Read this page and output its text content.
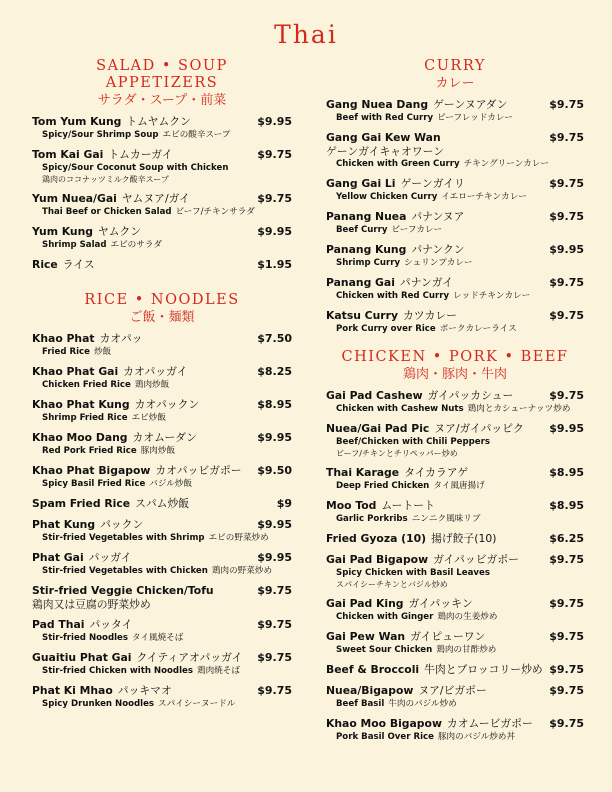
Thai
SALAD • SOUP
APPETIZERS
サラダ・スープ・前菜
Tom Yum Kung トムヤムクン	$9.95
Spicy/Sour Shrimp Soup エビの酸辛スープ
Tom Kai Gai トムカーガイ	$9.75
Spicy/Sour Coconut Soup with Chicken
鶏肉のココナッツミルク酸辛スープ
Yum Nuea/Gai ヤムヌア/ガイ	$9.75
Thai Beef or Chicken Salad ビーフ/チキンサラダ
Yum Kung ヤムクン	$9.95
Shrimp Salad エビのサラダ
Rice ライス	$1.95
RICE • NOODLES
ご飯・麺類
Khao Phat カオパッ	$7.50
Fried Rice 炒飯
Khao Phat Gai カオパッガイ	$8.25
Chicken Fried Rice 鶏肉炒飯
Khao Phat Kung カオパックン	$8.95
Shrimp Fried Rice エビ炒飯
Khao Moo Dang カオムーダン	$9.95
Red Pork Fried Rice 豚肉炒飯
Khao Phat Bigapow カオパッビガポー $9.50
Spicy Basil Fried Rice バジル炒飯
Spam Fried Rice スパム炒飯	$9
Phat Kung パックン	$9.95
Stir-fried Vegetables with Shrimp エビの野菜炒め
Phat Gai パッガイ	$9.95
Stir-fried Vegetables with Chicken 鶏肉の野菜炒め
Stir-fried Veggie Chicken/Tofu	$9.75
鶏肉又は豆腐の野菜炒め
Pad Thai パッタイ	$9.75
Stir-fried Noodles タイ風焼そば
Guaitiu Phat Gai クイティアオパッガイ $9.75
Stir-fried Chicken with Noodles 鶏肉焼そば
Phat Ki Mhao パッキマオ	$9.75
Spicy Drunken Noodles スパイシーヌードル
CURRY
カレー
Gang Nuea Dang ゲーンヌアダン	$9.75
Beef with Red Curry ビーフレッドカレー
Gang Gai Kew Wan	$9.75
ゲーンガイキャオワーン
Chicken with Green Curry チキングリーンカレー
Gang Gai Li ゲーンガイリ	$9.75
Yellow Chicken Curry イエローチキンカレー
Panang Nuea パナンヌア	$9.75
Beef Curry ビーフカレー
Panang Kung パナンクン	$9.95
Shrimp Curry シュリンプカレー
Panang Gai パナンガイ	$9.75
Chicken with Red Curry レッドチキンカレー
Katsu Curry カツカレー	$9.75
Pork Curry over Rice ポークカレーライス
CHICKEN • PORK • BEEF
鶏肉・豚肉・牛肉
Gai Pad Cashew ガイパッカシュー	$9.75
Chicken with Cashew Nuts 鶏肉とカシューナッツ炒め
Nuea/Gai Pad Pic ヌア/ガイパッピク $9.95
Beef/Chicken with Chili Peppers
ビーフ/チキンとチリペッパー炒め
Thai Karage タイカラアゲ	$8.95
Deep Fried Chicken タイ風唐揚げ
Moo Tod ムートート	$8.95
Garlic Porkribs ニンニク風味リブ
Fried Gyoza (10) 揚げ餃子(10)	$6.25
Gai Pad Bigapow ガイパッビガポー	$9.75
Spicy Chicken with Basil Leaves
スパイシーチキンとバジル炒め
Gai Pad King ガイパッキン	$9.75
Chicken with Ginger 鶏肉の生姜炒め
Gai Pew Wan ガイピューワン	$9.75
Sweet Sour Chicken 鶏肉の甘酢炒め
Beef & Broccoli 牛肉とブロッコリー炒め $9.75
Nuea/Bigapow ヌア/ビガポー	$9.75
Beef Basil 牛肉のバジル炒め
Khao Moo Bigapow カオムービガポー $9.75
Pork Basil Over Rice 豚肉のバジル炒め丼
